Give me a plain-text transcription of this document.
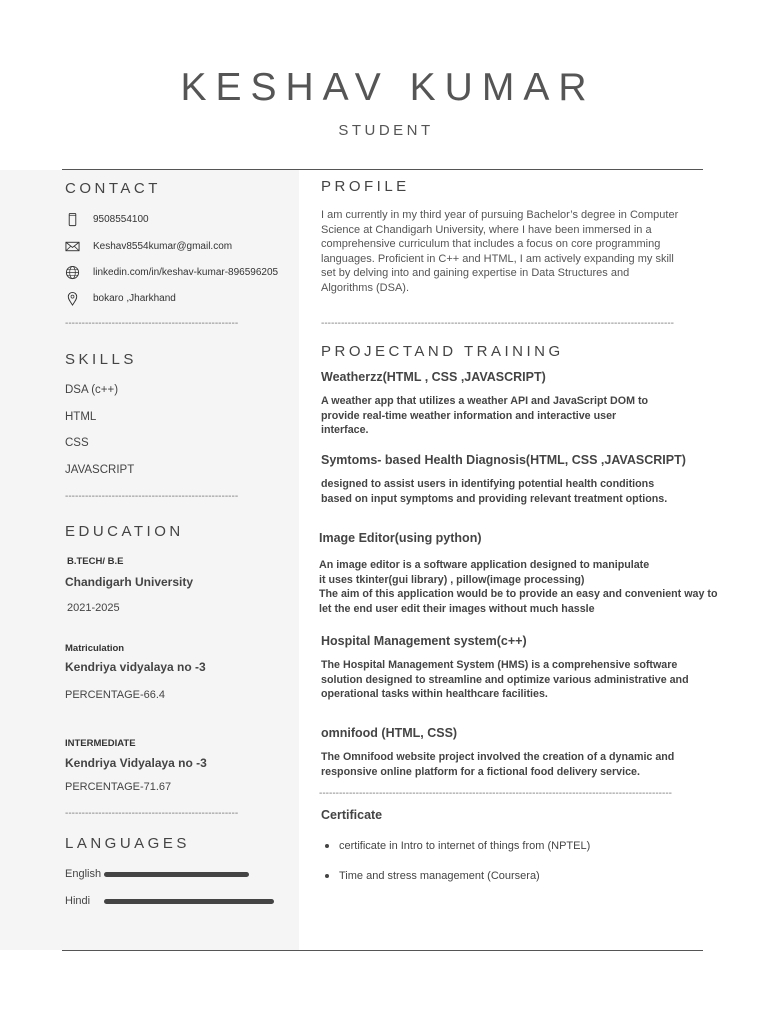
KESHAV KUMAR
STUDENT
CONTACT
9508554100
Keshav8554kumar@gmail.com
linkedin.com/in/keshav-kumar-896596205
bokaro ,Jharkhand
----------------------------------------------------
SKILLS
DSA (c++)
HTML
CSS
JAVASCRIPT
----------------------------------------------------
EDUCATION
B.TECH/ B.E
Chandigarh University
2021-2025
Matriculation
Kendriya vidyalaya no -3
PERCENTAGE-66.4
INTERMEDIATE
Kendriya Vidyalaya no -3
PERCENTAGE-71.67
----------------------------------------------------
LANGUAGES
English
Hindi
PROFILE
I am currently in my third year of pursuing Bachelor’s degree in Computer
Science at Chandigarh University, where I have been immersed in a
comprehensive curriculum that includes a focus on core programming
languages. Proficient in C++ and HTML, I am actively expanding my skill
set by delving into and gaining expertise in Data Structures and
Algorithms (DSA).
----------------------------------------------------------------------------------------------------------
PROJECTAND TRAINING
Weatherzz(HTML , CSS ,JAVASCRIPT)
A weather app that utilizes a weather API and JavaScript DOM to
provide real-time weather information and interactive user
interface.
Symtoms- based Health Diagnosis(HTML, CSS ,JAVASCRIPT)
designed to assist users in identifying potential health conditions
based on input symptoms and providing relevant treatment options.
Image Editor(using python)
An image editor is a software application designed to manipulate
it uses tkinter(gui library) , pillow(image processing)
The aim of this application would be to provide an easy and convenient way to
let the end user edit their images without much hassle
Hospital Management system(c++)
The Hospital Management System (HMS) is a comprehensive software
solution designed to streamline and optimize various administrative and
operational tasks within healthcare facilities.
omnifood (HTML, CSS)
The Omnifood website project involved the creation of a dynamic and
responsive online platform for a fictional food delivery service.
----------------------------------------------------------------------------------------------------------
Certificate
certificate in Intro to internet of things from (NPTEL)
Time and stress management (Coursera)
